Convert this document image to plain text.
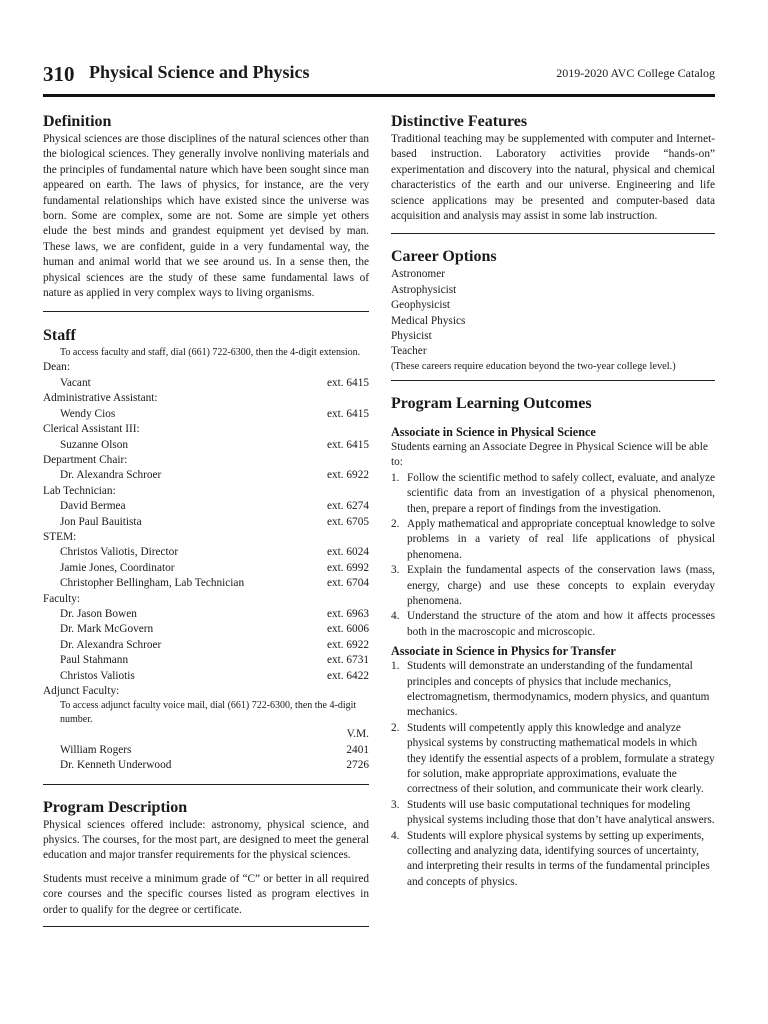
310 Physical Science and Physics	2019-2020 AVC College Catalog
Definition

Physical sciences are those disciplines of the natural sciences other than the biological sciences. They generally involve nonliving materials and the principles of fundamental nature which have been sought since man appeared on earth. The laws of physics, for instance, are the very fundamental relationships which have existed since the universe was born. Some are complex, some are not. Some are simple yet others elude the best minds and grandest equipment yet devised by man. These laws, we are confident, guide in a very fundamental way, the human and animal world that we see around us. In a sense then, the physical sciences are the study of these same fundamental laws of nature as applied in very complex ways to living organisms.

Staff
To access faculty and staff, dial (661) 722-6300, then the 4-digit extension.
Dean:
Vacant	ext. 6415
Administrative Assistant:
Wendy Cios	ext. 6415
Clerical Assistant III:
Suzanne Olson	ext. 6415
Department Chair:
Dr. Alexandra Schroer	ext. 6922
Lab Technician:
David Bermea	ext. 6274
Jon Paul Bauitista	ext. 6705
STEM:
Christos Valiotis, Director	ext. 6024
Jamie Jones, Coordinator	ext. 6992
Christopher Bellingham, Lab Technician	ext. 6704
Faculty:
Dr. Jason Bowen	ext. 6963
Dr. Mark McGovern	ext. 6006
Dr. Alexandra Schroer	ext. 6922
Paul Stahmann	ext. 6731
Christos Valiotis	ext. 6422
Adjunct Faculty:
To access adjunct faculty voice mail, dial (661) 722-6300, then the 4-digit number.
V.M.
William Rogers	2401
Dr. Kenneth Underwood	2726
Program Description

Physical sciences offered include: astronomy, physical science, and physics. The courses, for the most part, are designed to meet the general education and major transfer requirements for the physical sciences.

Students must receive a minimum grade of “C” or better in all required core courses and the specific courses listed as program electives in order to qualify for the degree or certificate.

Distinctive Features

Traditional teaching may be supplemented with computer and Internet-based instruction. Laboratory activities provide “hands-on” experimentation and discovery into the natural, physical and chemical characteristics of the earth and our universe. Engineering and life science applications may be presented and computer-based data acquisition and analysis may assist in some lab instruction.

Career Options
Astronomer
Astrophysicist
Geophysicist
Medical Physics
Physicist
Teacher
(These careers require education beyond the two-year college level.)
Program Learning Outcomes
Associate in Science in Physical Science

Students earning an Associate Degree in Physical Science will be able to:

1. Follow the scientific method to safely collect, evaluate, and analyze scientific data from an investigation of a physical phenomenon, then, prepare a report of findings from the investigation.
2. Apply mathematical and appropriate conceptual knowledge to solve problems in a variety of real life applications of physical phenomena.
3. Explain the fundamental aspects of the conservation laws (mass, energy, charge) and use these concepts to explain everyday phenomena.
4. Understand the structure of the atom and how it affects processes both in the macroscopic and microscopic.
Associate in Science in Physics for Transfer
1. Students will demonstrate an understanding of the fundamental principles and concepts of physics that include mechanics, electromagnetism, thermodynamics, modern physics, and quantum mechanics.
2. Students will competently apply this knowledge and analyze physical systems by constructing mathematical models in which they identify the essential aspects of a problem, formulate a strategy for solution, make appropriate approximations, evaluate the correctness of their solution, and communicate their work clearly.
3. Students will use basic computational techniques for modeling physical systems including those that don’t have analytical answers.
4. Students will explore physical systems by setting up experiments, collecting and analyzing data, identifying sources of uncertainty, and interpreting their results in terms of the fundamental principles and concepts of physics.
